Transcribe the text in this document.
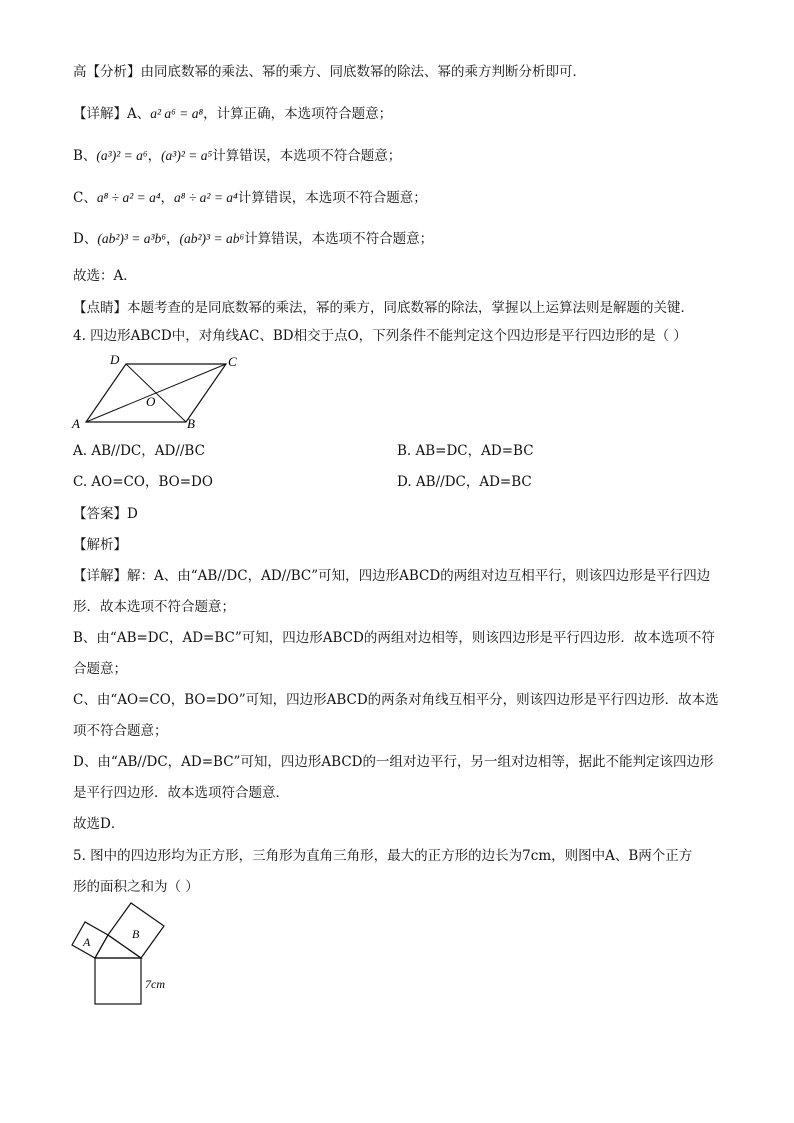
高【分析】由同底数幂的乘法、幂的乘方、同底数幂的除法、幂的乘方判断分析即可．
【详解】A、a² a⁶ = a⁸，计算正确，本选项符合题意；
B、(a³)² = a⁶，(a³)² = a⁵计算错误，本选项不符合题意；
C、a⁸ ÷ a² = a⁴，a⁸ ÷ a² = a⁴计算错误，本选项不符合题意；
D、(ab²)³ = a³b⁶，(ab²)³ = ab⁶计算错误，本选项不符合题意；
故选：A．
【点睛】本题考查的是同底数幂的乘法，幂的乘方，同底数幂的除法，掌握以上运算法则是解题的关键．
4. 四边形ABCD中，对角线AC、BD相交于点O，下列条件不能判定这个四边形是平行四边形的是（ ）
A	B
C
D
O
A. AB//DC，AD//BC	B. AB=DC，AD=BC
C. AO=CO，BO=DO	D. AB//DC，AD=BC
【答案】D
【解析】
【详解】解：A、由“AB//DC，AD//BC”可知，四边形ABCD的两组对边互相平行，则该四边形是平行四边
形．故本选项不符合题意；
B、由“AB=DC，AD=BC”可知，四边形ABCD的两组对边相等，则该四边形是平行四边形．故本选项不符
合题意；
C、由“AO=CO，BO=DO”可知，四边形ABCD的两条对角线互相平分，则该四边形是平行四边形．故本选
项不符合题意；
D、由“AB//DC，AD=BC”可知，四边形ABCD的一组对边平行，另一组对边相等，据此不能判定该四边形
是平行四边形．故本选项符合题意．
故选D．
5. 图中的四边形均为正方形，三角形为直角三角形，最大的正方形的边长为7cm，则图中A、B两个正方
形的面积之和为（ ）
A
B
7cm
